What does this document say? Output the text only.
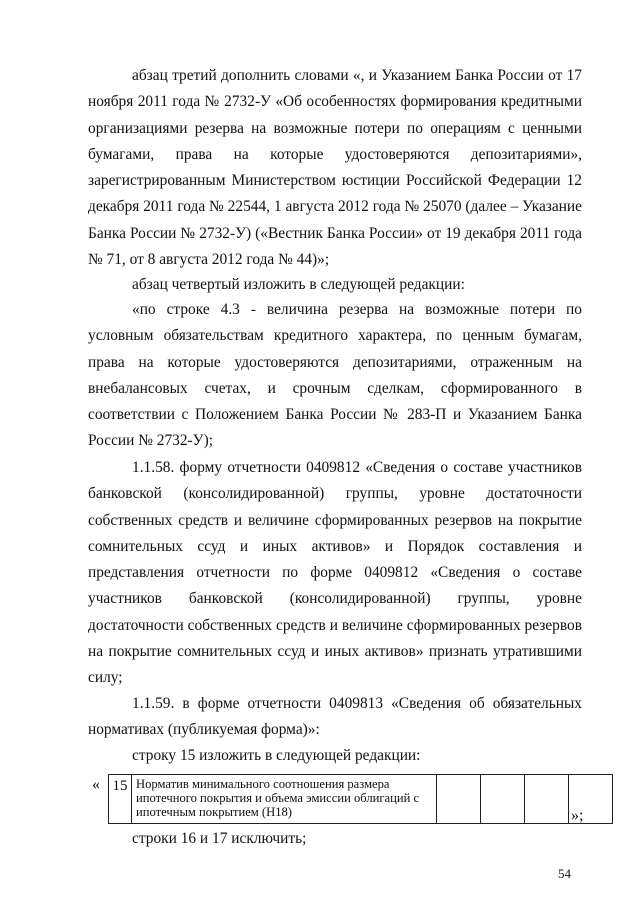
абзац третий дополнить словами «, и Указанием Банка России от 17 ноября 2011 года № 2732-У «Об особенностях формирования кредитными организациями резерва на возможные потери по операциям с ценными бумагами, права на которые удостоверяются депозитариями», зарегистрированным Министерством юстиции Российской Федерации 12 декабря 2011 года № 22544, 1 августа 2012 года № 25070 (далее – Указание Банка России № 2732-У) («Вестник Банка России» от 19 декабря 2011 года № 71, от 8 августа 2012 года № 44)»;

абзац четвертый изложить в следующей редакции:

«по строке 4.3 - величина резерва на возможные потери по условным обязательствам кредитного характера, по ценным бумагам, права на которые удостоверяются депозитариями, отраженным на внебалансовых счетах, и срочным сделкам, сформированного в соответствии с Положением Банка России № 283-П и Указанием Банка России № 2732-У);

1.1.58. форму отчетности 0409812 «Сведения о составе участников банковской (консолидированной) группы, уровне достаточности собственных средств и величине сформированных резервов на покрытие сомнительных ссуд и иных активов» и Порядок составления и представления отчетности по форме 0409812 «Сведения о составе участников банковской (консолидированной) группы, уровне достаточности собственных средств и величине сформированных резервов на покрытие сомнительных ссуд и иных активов» признать утратившими силу;

1.1.59. в форме отчетности 0409813 «Сведения об обязательных нормативах (публикуемая форма)»:

строку 15 изложить в следующей редакции:

« 15	Норматив минимального соотношения размера ипотечного покрытия и объема эмиссии облигаций с ипотечным покрытием (Н18)					»;

строки 16 и 17 исключить;

54
